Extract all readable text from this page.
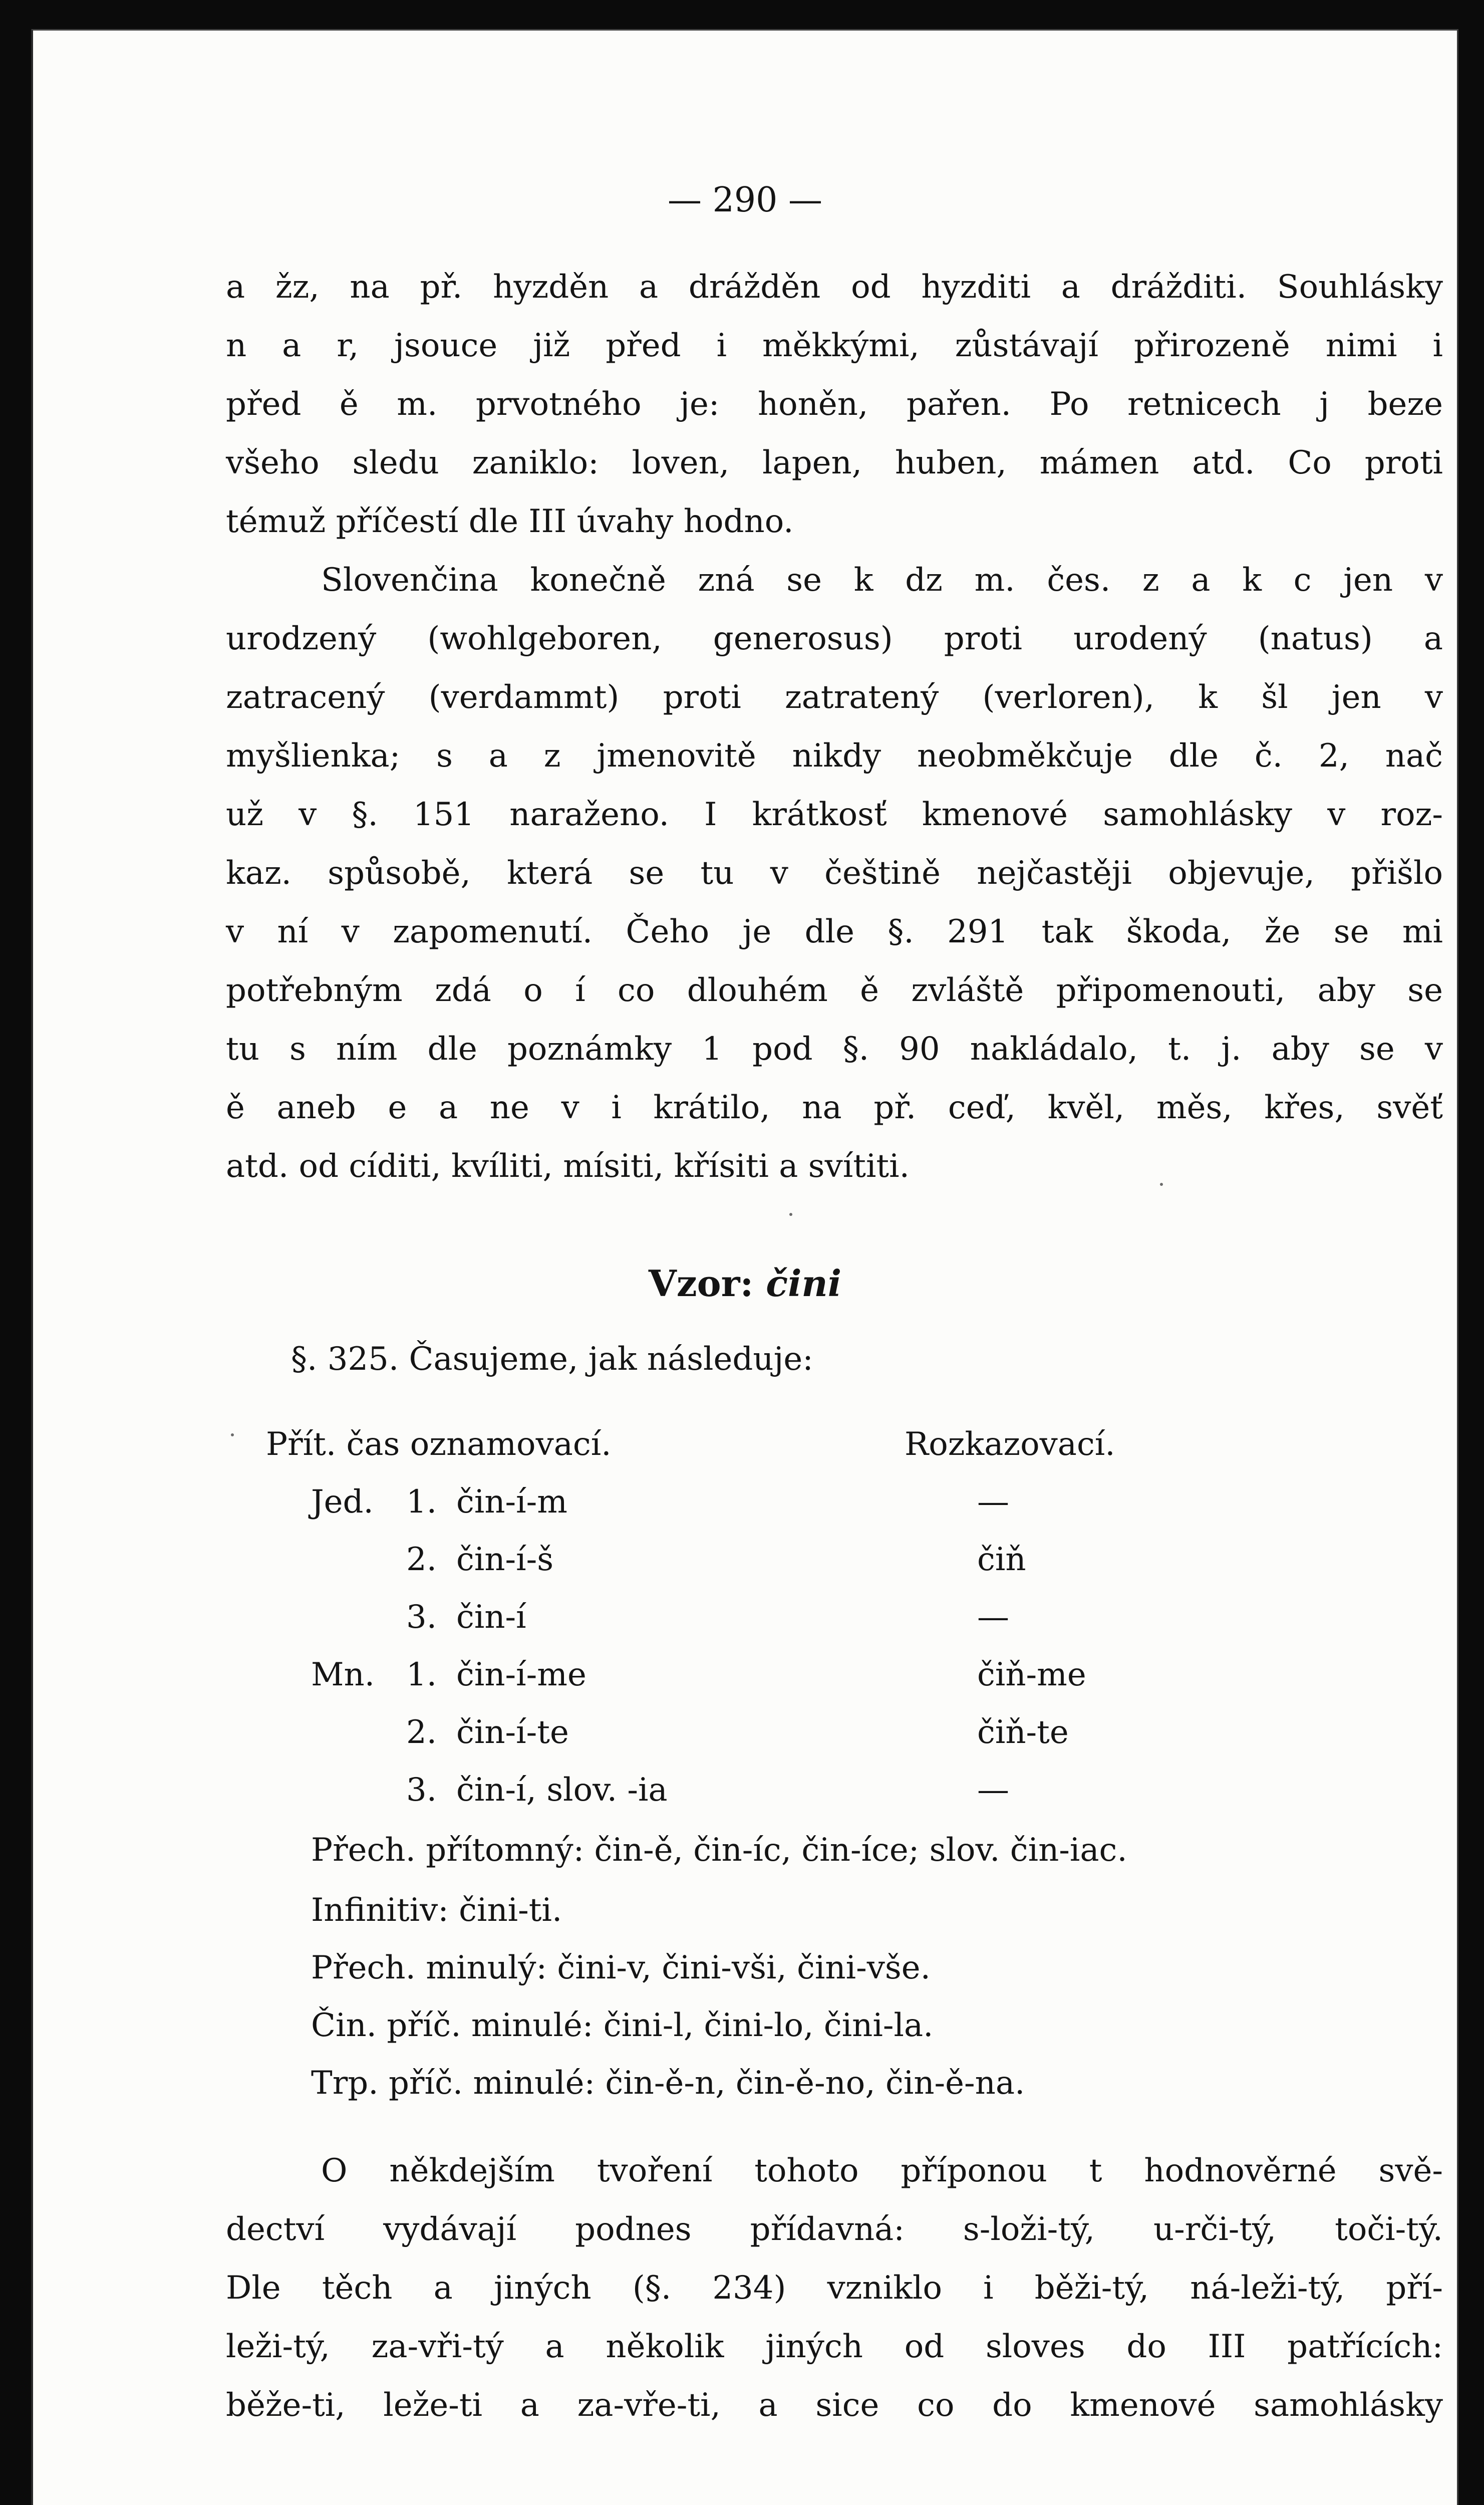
— 290 —
a žz, na př. hyzděn a drážděn od hyzditi a drážditi. Souhlásky
n a r, jsouce již před i měkkými, zůstávají přirozeně nimi i
před ě m. prvotného je: honěn, pařen. Po retnicech j beze
všeho sledu zaniklo: loven, lapen, huben, mámen atd. Co proti
témuž příčestí dle III úvahy hodno.
Slovenčina konečně zná se k dz m. čes. z a k c jen v
urodzený (wohlgeboren, generosus) proti urodený (natus) a
zatracený (verdammt) proti zatratený (verloren), k šl jen v
myšlienka; s a z jmenovitě nikdy neobměkčuje dle č. 2, nač
už v §. 151 naraženo. I krátkosť kmenové samohlásky v roz-
kaz. spůsobě, která se tu v češtině nejčastěji objevuje, přišlo
v ní v zapomenutí. Čeho je dle §. 291 tak škoda, že se mi
potřebným zdá o í co dlouhém ě zvláště připomenouti, aby se
tu s ním dle poznámky 1 pod §. 90 nakládalo, t. j. aby se v
ě aneb e a ne v i krátilo, na př. ceď, kvěl, měs, křes, svěť
atd. od cíditi, kvíliti, mísiti, křísiti a svítiti.
Vzor: čini
§. 325. Časujeme, jak následuje:
Přít. čas oznamovací.	Rozkazovací.
Jed. 1. čin-í-m	—
2. čin-í-š	čiň
3. čin-í	—
Mn. 1. čin-í-me	čiň-me
2. čin-í-te	čiň-te
3. čin-í, slov. -ia	—
Přech. přítomný: čin-ě, čin-íc, čin-íce; slov. čin-iac.
Infinitiv: čini-ti.
Přech. minulý: čini-v, čini-vši, čini-vše.
Čin. příč. minulé: čini-l, čini-lo, čini-la.
Trp. příč. minulé: čin-ě-n, čin-ě-no, čin-ě-na.
O někdejším tvoření tohoto příponou t hodnověrné svě-
dectví vydávají podnes přídavná: s-loži-tý, u-rči-tý, toči-tý.
Dle těch a jiných (§. 234) vzniklo i běži-tý, ná-leži-tý, pří-
leži-tý, za-vři-tý a několik jiných od sloves do III patřících:
běže-ti, leže-ti a za-vře-ti, a sice co do kmenové samohlásky
